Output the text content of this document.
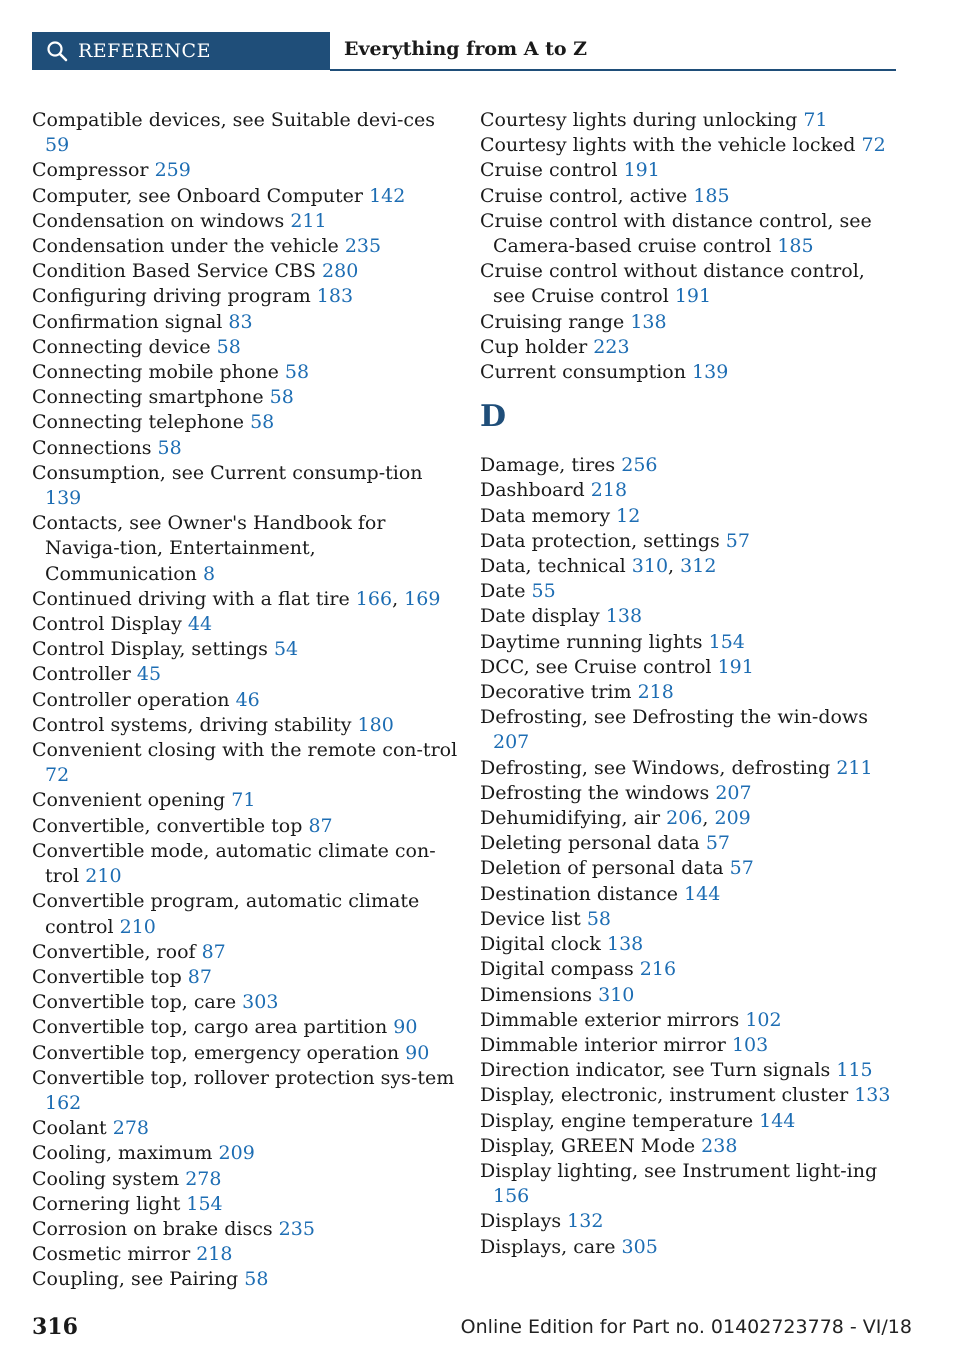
REFERENCE	Everything from A to Z

Compatible devices, see Suitable devi‐ces 59

Compressor 259

Computer, see Onboard Computer 142

Condensation on windows 211

Condensation under the vehicle 235

Condition Based Service CBS 280

Configuring driving program 183

Confirmation signal 83

Connecting device 58

Connecting mobile phone 58

Connecting smartphone 58

Connecting telephone 58

Connections 58

Consumption, see Current consump‐tion 139

Contacts, see Owner's Handbook for Naviga‐tion, Entertainment, Communication 8

Continued driving with a flat tire 166, 169

Control Display 44

Control Display, settings 54

Controller 45

Controller operation 46

Control systems, driving stability 180

Convenient closing with the remote con‐trol 72

Convenient opening 71

Convertible, convertible top 87

Convertible mode, automatic climate con‐trol 210

Convertible program, automatic climate control 210

Convertible, roof 87

Convertible top 87

Convertible top, care 303

Convertible top, cargo area partition 90

Convertible top, emergency operation 90

Convertible top, rollover protection sys‐tem 162

Coolant 278

Cooling, maximum 209

Cooling system 278

Cornering light 154

Corrosion on brake discs 235

Cosmetic mirror 218

Coupling, see Pairing 58

Courtesy lights during unlocking 71

Courtesy lights with the vehicle locked 72

Cruise control 191

Cruise control, active 185

Cruise control with distance control, see Camera-based cruise control 185

Cruise control without distance control, see Cruise control 191

Cruising range 138

Cup holder 223

Current consumption 139

D

Damage, tires 256

Dashboard 218

Data memory 12

Data protection, settings 57

Data, technical 310, 312

Date 55

Date display 138

Daytime running lights 154

DCC, see Cruise control 191

Decorative trim 218

Defrosting, see Defrosting the win‐dows 207

Defrosting, see Windows, defrosting 211

Defrosting the windows 207

Dehumidifying, air 206, 209

Deleting personal data 57

Deletion of personal data 57

Destination distance 144

Device list 58

Digital clock 138

Digital compass 216

Dimensions 310

Dimmable exterior mirrors 102

Dimmable interior mirror 103

Direction indicator, see Turn signals 115

Display, electronic, instrument cluster 133

Display, engine temperature 144

Display, GREEN Mode 238

Display lighting, see Instrument light‐ing 156

Displays 132

Displays, care 305

316	Online Edition for Part no. 01402723778 - VI/18
